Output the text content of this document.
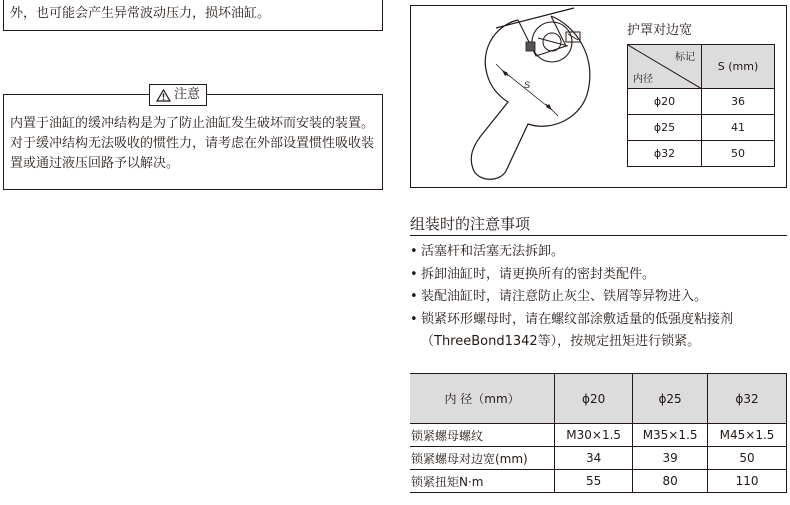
外，也可能会产生异常波动压力，损坏油缸。
注意
内置于油缸的缓冲结构是为了防止油缸发生破坏而安装的装置。对于缓冲结构无法吸收的惯性力，请考虑在外部设置惯性吸收装置或通过液压回路予以解决。
S
护罩对边宽
标记
内径	S (mm)
ϕ20	36
ϕ25	41
ϕ32	50
组装时的注意事项
• 活塞杆和活塞无法拆卸。
• 拆卸油缸时，请更换所有的密封类配件。
• 装配油缸时，请注意防止灰尘、铁屑等异物进入。
• 锁紧环形螺母时，请在螺纹部涂敷适量的低强度粘接剂（ThreeBond1342等），按规定扭矩进行锁紧。
内 径（mm）	ϕ20	ϕ25	ϕ32
锁紧螺母螺纹	M30×1.5	M35×1.5	M45×1.5
锁紧螺母对边宽(mm)	34	39	50
锁紧扭矩N·m	55	80	110
